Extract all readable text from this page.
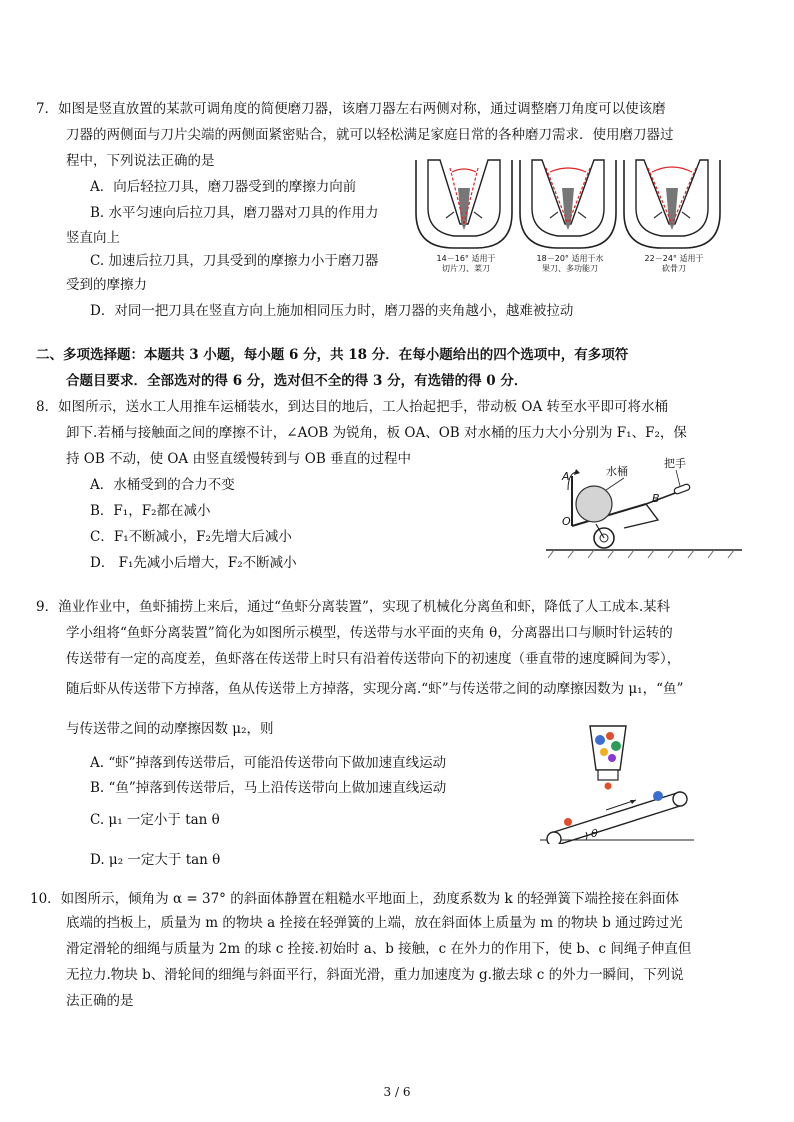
7．如图是竖直放置的某款可调角度的简便磨刀器，该磨刀器左右两侧对称，通过调整磨刀角度可以使该磨
刀器的两侧面与刀片尖端的两侧面紧密贴合，就可以轻松满足家庭日常的各种磨刀需求．使用磨刀器过
程中，下列说法正确的是
A．向后轻拉刀具，磨刀器受到的摩擦力向前
B. 水平匀速向后拉刀具，磨刀器对刀具的作用力
竖直向上
C. 加速后拉刀具，刀具受到的摩擦力小于磨刀器
受到的摩擦力
D．对同一把刀具在竖直方向上施加相同压力时，磨刀器的夹角越小，越难被拉动
14－16° 适用于
切片刀、菜刀
18－20° 适用于水
果刀、多功能刀
22－24° 适用于
砍骨刀
二、多项选择题：本题共 3 小题，每小题 6 分，共 18 分．在每小题给出的四个选项中，有多项符
合题目要求．全部选对的得 6 分，选对但不全的得 3 分，有选错的得 0 分．
8．如图所示，送水工人用推车运桶装水，到达目的地后，工人抬起把手，带动板 OA 转至水平即可将水桶
卸下.若桶与接触面之间的摩擦不计，∠AOB 为锐角，板 OA、OB 对水桶的压力大小分别为 F₁、F₂，保
持 OB 不动，使 OA 由竖直缓慢转到与 OB 垂直的过程中
A．水桶受到的合力不变
B．F₁，F₂都在减小
C．F₁不断减小，F₂先增大后减小
D． F₁先减小后增大，F₂不断减小
水桶
把手
A
B
O
9．渔业作业中，鱼虾捕捞上来后，通过“鱼虾分离装置”，实现了机械化分离鱼和虾，降低了人工成本.某科
学小组将“鱼虾分离装置”简化为如图所示模型，传送带与水平面的夹角 θ，分离器出口与顺时针运转的
传送带有一定的高度差，鱼虾落在传送带上时只有沿着传送带向下的初速度（垂直带的速度瞬间为零），
随后虾从传送带下方掉落，鱼从传送带上方掉落，实现分离.“虾”与传送带之间的动摩擦因数为 μ₁，“鱼”
与传送带之间的动摩擦因数 μ₂，则
A. “虾”掉落到传送带后，可能沿传送带向下做加速直线运动
B. “鱼”掉落到传送带后，马上沿传送带向上做加速直线运动
C. μ₁ 一定小于 tan θ
D. μ₂ 一定大于 tan θ
θ
10．如图所示，倾角为 α = 37° 的斜面体静置在粗糙水平地面上，劲度系数为 k 的轻弹簧下端拴接在斜面体
底端的挡板上，质量为 m 的物块 a 拴接在轻弹簧的上端，放在斜面体上质量为 m 的物块 b 通过跨过光
滑定滑轮的细绳与质量为 2m 的球 c 拴接.初始时 a、b 接触，c 在外力的作用下，使 b、c 间绳子伸直但
无拉力.物块 b、滑轮间的细绳与斜面平行，斜面光滑，重力加速度为 g.撤去球 c 的外力一瞬间，下列说
法正确的是
3 / 6
